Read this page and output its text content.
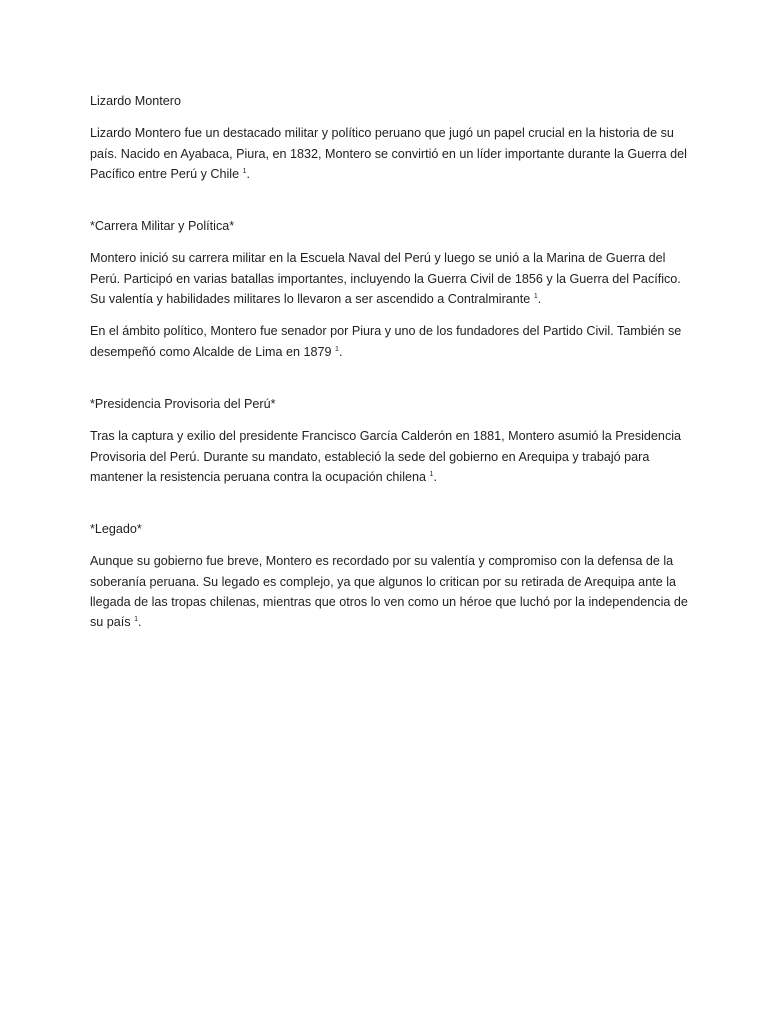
Lizardo Montero

Lizardo Montero fue un destacado militar y político peruano que jugó un papel crucial en la historia de su país. Nacido en Ayabaca, Piura, en 1832, Montero se convirtió en un líder importante durante la Guerra del Pacífico entre Perú y Chile $^1$.

*Carrera Militar y Política*

Montero inició su carrera militar en la Escuela Naval del Perú y luego se unió a la Marina de Guerra del Perú. Participó en varias batallas importantes, incluyendo la Guerra Civil de 1856 y la Guerra del Pacífico. Su valentía y habilidades militares lo llevaron a ser ascendido a Contralmirante $^1$.

En el ámbito político, Montero fue senador por Piura y uno de los fundadores del Partido Civil. También se desempeñó como Alcalde de Lima en 1879 $^1$.

*Presidencia Provisoria del Perú*

Tras la captura y exilio del presidente Francisco García Calderón en 1881, Montero asumió la Presidencia Provisoria del Perú. Durante su mandato, estableció la sede del gobierno en Arequipa y trabajó para mantener la resistencia peruana contra la ocupación chilena $^1$.

*Legado*

Aunque su gobierno fue breve, Montero es recordado por su valentía y compromiso con la defensa de la soberanía peruana. Su legado es complejo, ya que algunos lo critican por su retirada de Arequipa ante la llegada de las tropas chilenas, mientras que otros lo ven como un héroe que luchó por la independencia de su país $^1$.
